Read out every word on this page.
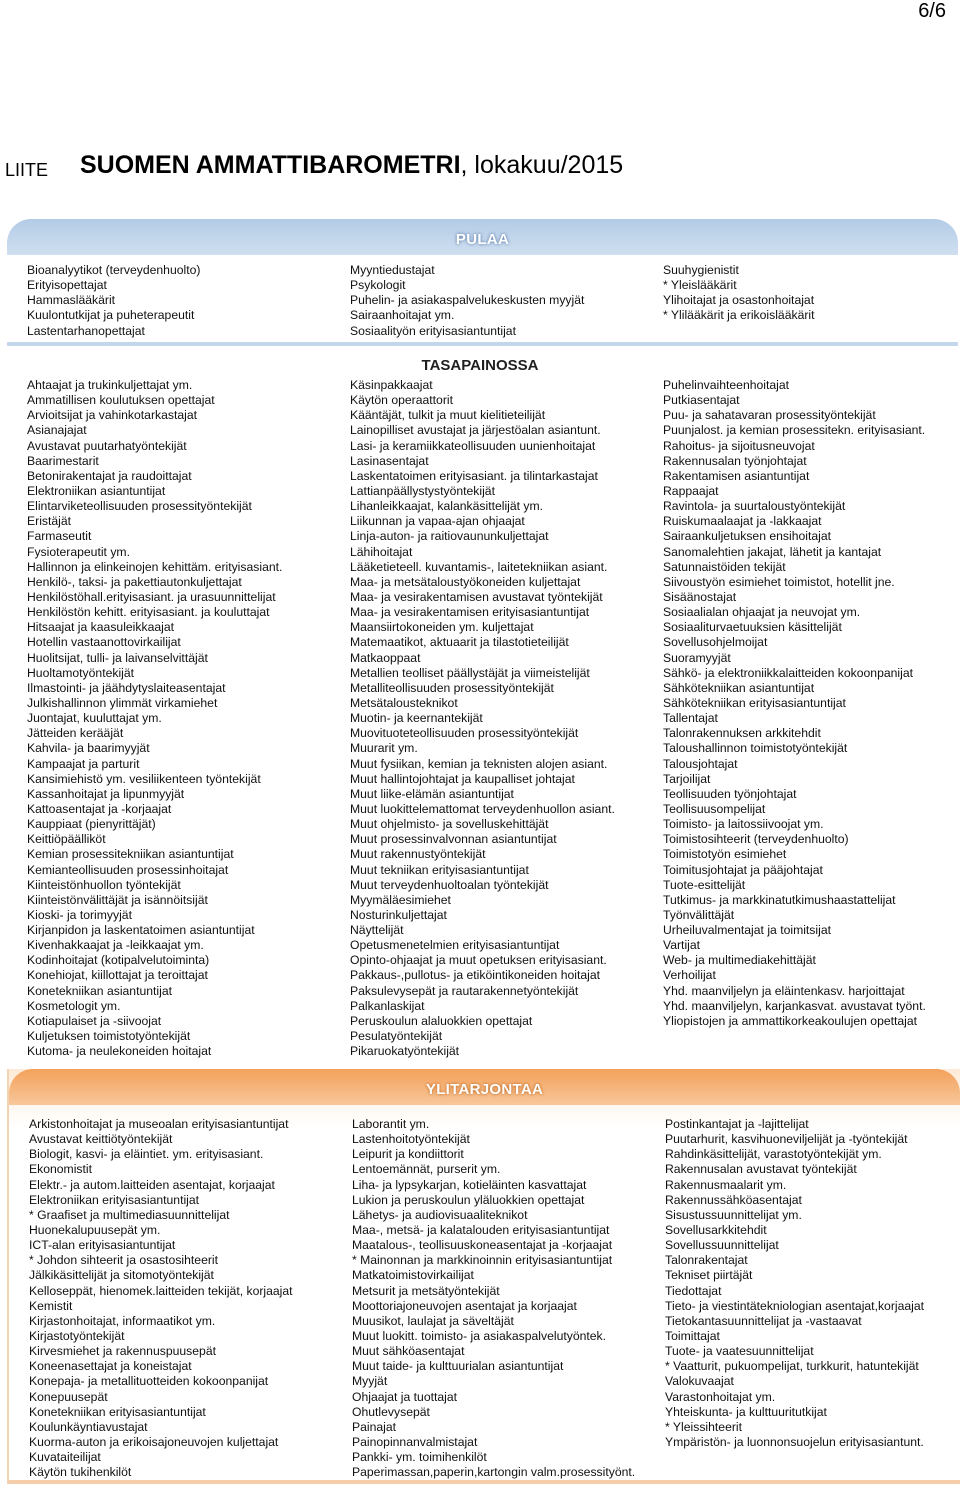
6/6
LIITE SUOMEN AMMATTIBAROMETRI, lokakuu/2015
PULAA
Bioanalyytikot (terveydenhuolto)
Erityisopettajat
Hammaslääkärit
Kuulontutkijat ja puheterapeutit
Lastentarhanopettajat
Myyntiedustajat
Psykologit
Puhelin- ja asiakaspalvelukeskusten myyjät
Sairaanhoitajat ym.
Sosiaalityön erityisasiantuntijat
Suuhygienistit
* Yleislääkärit
Ylihoitajat ja osastonhoitajat
* Ylilääkärit ja erikoislääkärit
TASAPAINOSSA
Ahtaajat ja trukinkuljettajat ym.
Ammatillisen koulutuksen opettajat
Arvioitsijat ja vahinkotarkastajat
Asianajajat
Avustavat puutarhatyöntekijät
Baarimestarit
Betonirakentajat ja raudoittajat
Elektroniikan asiantuntijat
Elintarviketeollisuuden prosessityöntekijät
Eristäjät
Farmaseutit
Fysioterapeutit ym.
Hallinnon ja elinkeinojen kehittäm. erityisasiant.
Henkilö-, taksi- ja pakettiautonkuljettajat
Henkilöstöhall.erityisasiant. ja urasuunnittelijat
Henkilöstön kehitt. erityisasiant. ja kouluttajat
Hitsaajat ja kaasuleikkaajat
Hotellin vastaanottovirkailijat
Huolitsijat, tulli- ja laivanselvittäjät
Huoltamotyöntekijät
Ilmastointi- ja jäähdytyslaiteasentajat
Julkishallinnon ylimmät virkamiehet
Juontajat, kuuluttajat ym.
Jätteiden kerääjät
Kahvila- ja baarimyyjät
Kampaajat ja parturit
Kansimiehistö ym. vesiliikenteen työntekijät
Kassanhoitajat ja lipunmyyjät
Kattoasentajat ja -korjaajat
Kauppiaat (pienyrittäjät)
Keittiöpäälliköt
Kemian prosessitekniikan asiantuntijat
Kemianteollisuuden prosessinhoitajat
Kiinteistönhuollon työntekijät
Kiinteistönvälittäjät ja isännöitsijät
Kioski- ja torimyyjät
Kirjanpidon ja laskentatoimen asiantuntijat
Kivenhakkaajat ja -leikkaajat ym.
Kodinhoitajat (kotipalvelutoiminta)
Konehiojat, kiillottajat ja teroittajat
Konetekniikan asiantuntijat
Kosmetologit ym.
Kotiapulaiset ja -siivoojat
Kuljetuksen toimistotyöntekijät
Kutoma- ja neulekoneiden hoitajat
Käsinpakkaajat
Käytön operaattorit
Kääntäjät, tulkit ja muut kielitieteilijät
Lainopilliset avustajat ja järjestöalan asiantunt.
Lasi- ja keramiikkateollisuuden uunienhoitajat
Lasinasentajat
Laskentatoimen erityisasiant. ja tilintarkastajat
Lattianpäällystystyöntekijät
Lihanleikkaajat, kalankäsittelijät ym.
Liikunnan ja vapaa-ajan ohjaajat
Linja-auton- ja raitiovaununkuljettajat
Lähihoitajat
Lääketieteell. kuvantamis-, laitetekniikan asiant.
Maa- ja metsätaloustyökoneiden kuljettajat
Maa- ja vesirakentamisen avustavat työntekijät
Maa- ja vesirakentamisen erityisasiantuntijat
Maansiirtokoneiden ym. kuljettajat
Matemaatikot, aktuaarit ja tilastotieteilijät
Matkaoppaat
Metallien teolliset päällystäjät ja viimeistelijät
Metalliteollisuuden prosessityöntekijät
Metsätalousteknikot
Muotin- ja keernantekijät
Muovituoteteollisuuden prosessityöntekijät
Muurarit ym.
Muut fysiikan, kemian ja teknisten alojen asiant.
Muut hallintojohtajat ja kaupalliset johtajat
Muut liike-elämän asiantuntijat
Muut luokittelemattomat terveydenhuollon asiant.
Muut ohjelmisto- ja sovelluskehittäjät
Muut prosessinvalvonnan asiantuntijat
Muut rakennustyöntekijät
Muut tekniikan erityisasiantuntijat
Muut terveydenhuoltoalan työntekijät
Myymäläesimiehet
Nosturinkuljettajat
Näyttelijät
Opetusmenetelmien erityisasiantuntijat
Opinto-ohjaajat ja muut opetuksen erityisasiant.
Pakkaus-,pullotus- ja etiköintikoneiden hoitajat
Paksulevysepät ja rautarakennetyöntekijät
Palkanlaskijat
Peruskoulun alaluokkien opettajat
Pesulatyöntekijät
Pikaruokatyöntekijät
Puhelinvaihteenhoitajat
Putkiasentajat
Puu- ja sahatavaran prosessityöntekijät
Puunjalost. ja kemian prosessitekn. erityisasiant.
Rahoitus- ja sijoitusneuvojat
Rakennusalan työnjohtajat
Rakentamisen asiantuntijat
Rappaajat
Ravintola- ja suurtaloustyöntekijät
Ruiskumaalaajat ja -lakkaajat
Sairaankuljetuksen ensihoitajat
Sanomalehtien jakajat, lähetit ja kantajat
Satunnaistöiden tekijät
Siivoustyön esimiehet toimistot, hotellit jne.
Sisäänostajat
Sosiaalialan ohjaajat ja neuvojat ym.
Sosiaaliturvaetuuksien käsittelijät
Sovellusohjelmoijat
Suoramyyjät
Sähkö- ja elektroniikkalaitteiden kokoonpanijat
Sähkötekniikan asiantuntijat
Sähkötekniikan erityisasiantuntijat
Tallentajat
Talonrakennuksen arkkitehdit
Taloushallinnon toimistotyöntekijät
Talousjohtajat
Tarjoilijat
Teollisuuden työnjohtajat
Teollisuusompelijat
Toimisto- ja laitossiivoojat ym.
Toimistosihteerit (terveydenhuolto)
Toimistotyön esimiehet
Toimitusjohtajat ja pääjohtajat
Tuote-esittelijät
Tutkimus- ja markkinatutkimushaastattelijat
Työnvälittäjät
Urheiluvalmentajat ja toimitsijat
Vartijat
Web- ja multimediakehittäjät
Verhoilijat
Yhd. maanviljelyn ja eläintenkasv. harjoittajat
Yhd. maanviljelyn, karjankasvat. avustavat työnt.
Yliopistojen ja ammattikorkeakoulujen opettajat
YLITARJONTAA
Arkistonhoitajat ja museoalan erityisasiantuntijat
Avustavat keittiötyöntekijät
Biologit, kasvi- ja eläintiet. ym. erityisasiant.
Ekonomistit
Elektr.- ja autom.laitteiden asentajat, korjaajat
Elektroniikan erityisasiantuntijat
* Graafiset ja multimediasuunnittelijat
Huonekalupuusepät ym.
ICT-alan erityisasiantuntijat
* Johdon sihteerit ja osastosihteerit
Jälkikäsittelijät ja sitomotyöntekijät
Kelloseppät, hienomek.laitteiden tekijät, korjaajat
Kemistit
Kirjastonhoitajat, informaatikot ym.
Kirjastotyöntekijät
Kirvesmiehet ja rakennuspuusepät
Koneenasettajat ja koneistajat
Konepaja- ja metallituotteiden kokoonpanijat
Konepuusepät
Konetekniikan erityisasiantuntijat
Koulunkäyntiavustajat
Kuorma-auton ja erikoisajoneuvojen kuljettajat
Kuvataiteilijat
Käytön tukihenkilöt
Laborantit ym.
Lastenhoitotyöntekijät
Leipurit ja kondiittorit
Lentoemännät, purserit ym.
Liha- ja lypsykarjan, kotieläinten kasvattajat
Lukion ja peruskoulun yläluokkien opettajat
Lähetys- ja audiovisuaaliteknikot
Maa-, metsä- ja kalatalouden erityisasiantuntijat
Maatalous-, teollisuuskoneasentajat ja -korjaajat
* Mainonnan ja markkinoinnin erityisasiantuntijat
Matkatoimistovirkailijat
Metsurit ja metsätyöntekijät
Moottoriajoneuvojen asentajat ja korjaajat
Muusikot, laulajat ja säveltäjät
Muut luokitt. toimisto- ja asiakaspalvelutyöntek.
Muut sähköasentajat
Muut taide- ja kulttuurialan asiantuntijat
Myyjät
Ohjaajat ja tuottajat
Ohutlevysepät
Painajat
Painopinnanvalmistajat
Pankki- ym. toimihenkilöt
Paperimassan,paperin,kartongin valm.prosessityönt.
Postinkantajat ja -lajittelijat
Puutarhurit, kasvihuoneviljelijät ja -työntekijät
Rahdinkäsittelijät, varastotyöntekijät ym.
Rakennusalan avustavat työntekijät
Rakennusmaalarit ym.
Rakennussähköasentajat
Sisustussuunnittelijat ym.
Sovellusarkkitehdit
Sovellussuunnittelijat
Talonrakentajat
Tekniset piirtäjät
Tiedottajat
Tieto- ja viestintätekniologian asentajat,korjaajat
Tietokantasuunnittelijat ja -vastaavat
Toimittajat
Tuote- ja vaatesuunnittelijat
* Vaatturit, pukuompelijat, turkkurit, hatuntekijät
Valokuvaajat
Varastonhoitajat ym.
Yhteiskunta- ja kulttuuritutkijat
* Yleissihteerit
Ympäristön- ja luonnonsuojelun erityisasiantunt.
